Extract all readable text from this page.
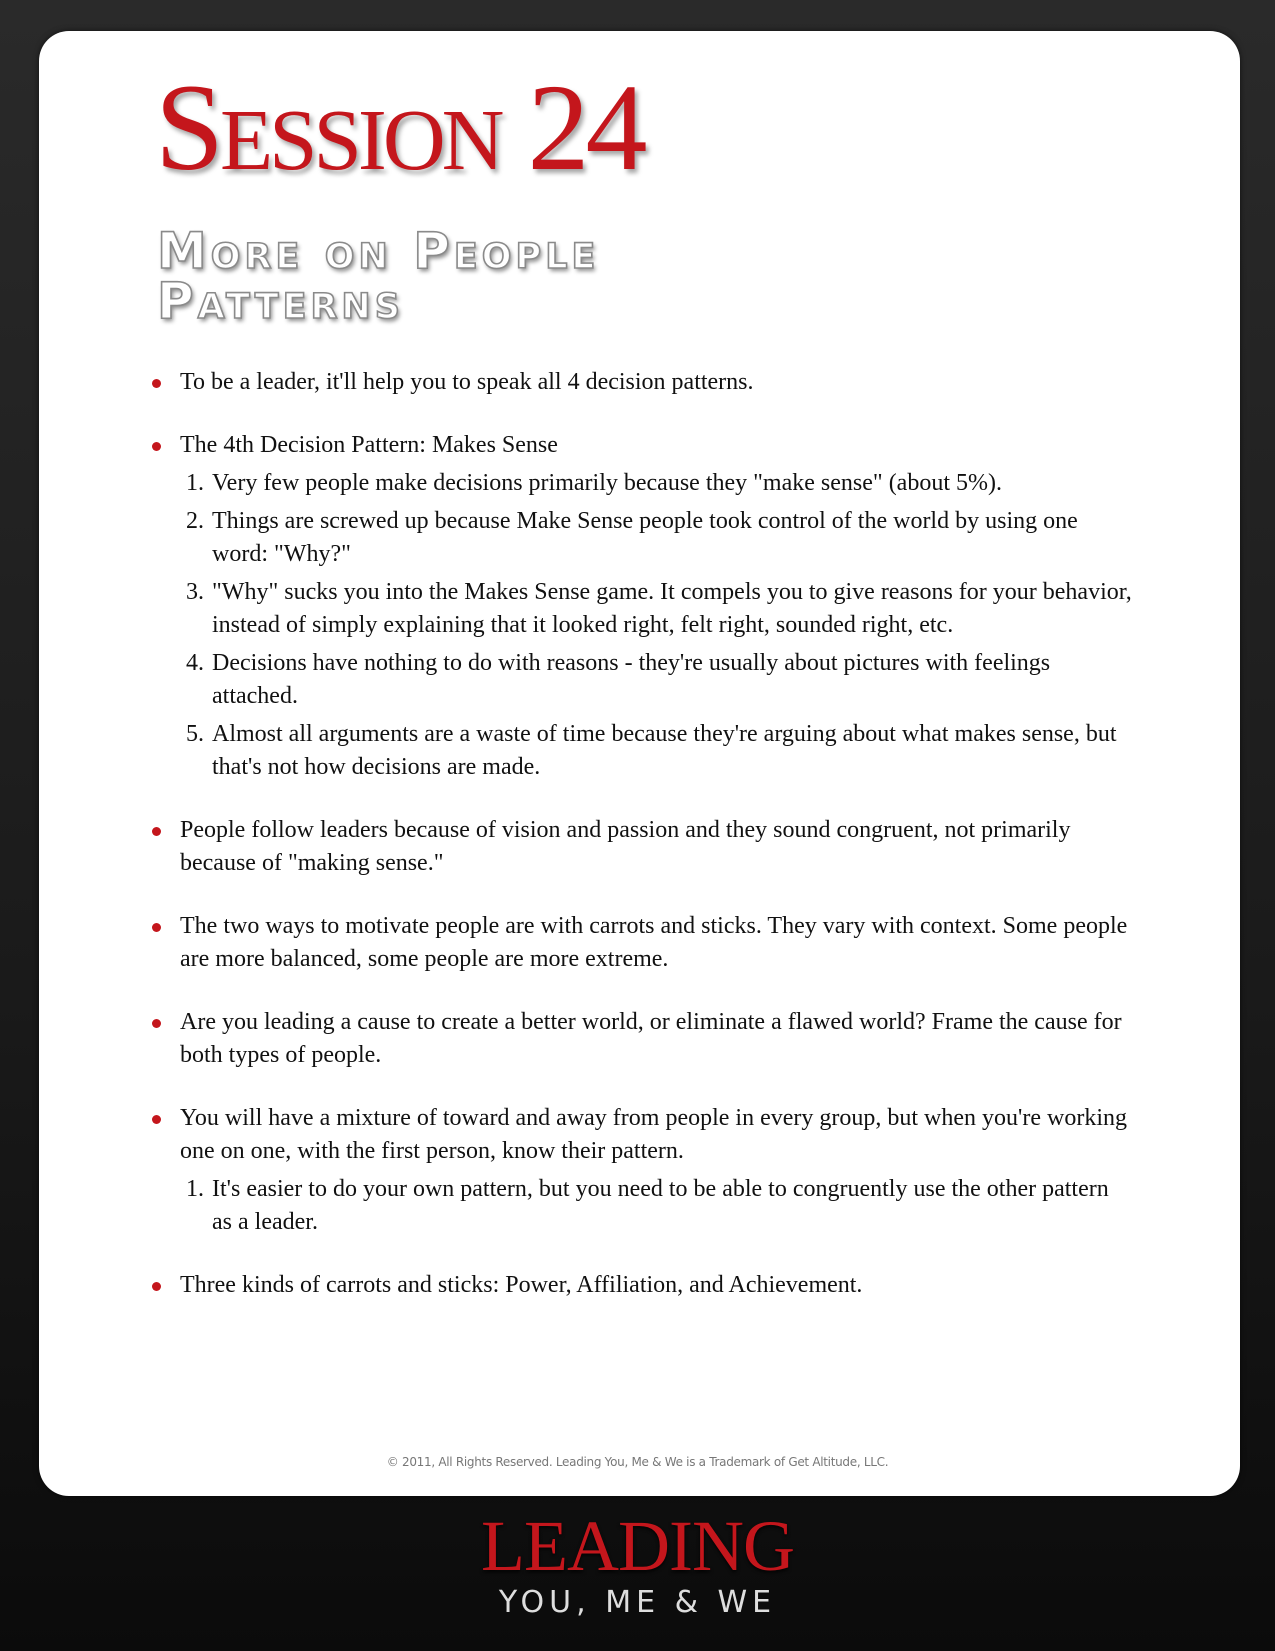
Session 24
More on People Patterns
To be a leader, it'll help you to speak all 4 decision patterns.
The 4th Decision Pattern: Makes Sense
1. Very few people make decisions primarily because they "make sense" (about 5%).
2. Things are screwed up because Make Sense people took control of the world by using one word: "Why?"
3. "Why" sucks you into the Makes Sense game. It compels you to give reasons for your behavior, instead of simply explaining that it looked right, felt right, sounded right, etc.
4. Decisions have nothing to do with reasons - they're usually about pictures with feelings attached.
5. Almost all arguments are a waste of time because they're arguing about what makes sense, but that's not how decisions are made.
People follow leaders because of vision and passion and they sound congruent, not primarily because of "making sense."
The two ways to motivate people are with carrots and sticks. They vary with context. Some people are more balanced, some people are more extreme.
Are you leading a cause to create a better world, or eliminate a flawed world? Frame the cause for both types of people.
You will have a mixture of toward and away from people in every group, but when you're working one on one, with the first person, know their pattern.
1. It's easier to do your own pattern, but you need to be able to congruently use the other pattern as a leader.
Three kinds of carrots and sticks: Power, Affiliation, and Achievement.
© 2011, All Rights Reserved. Leading You, Me & We is a Trademark of Get Altitude, LLC.
LEADING
YOU, ME & WE
